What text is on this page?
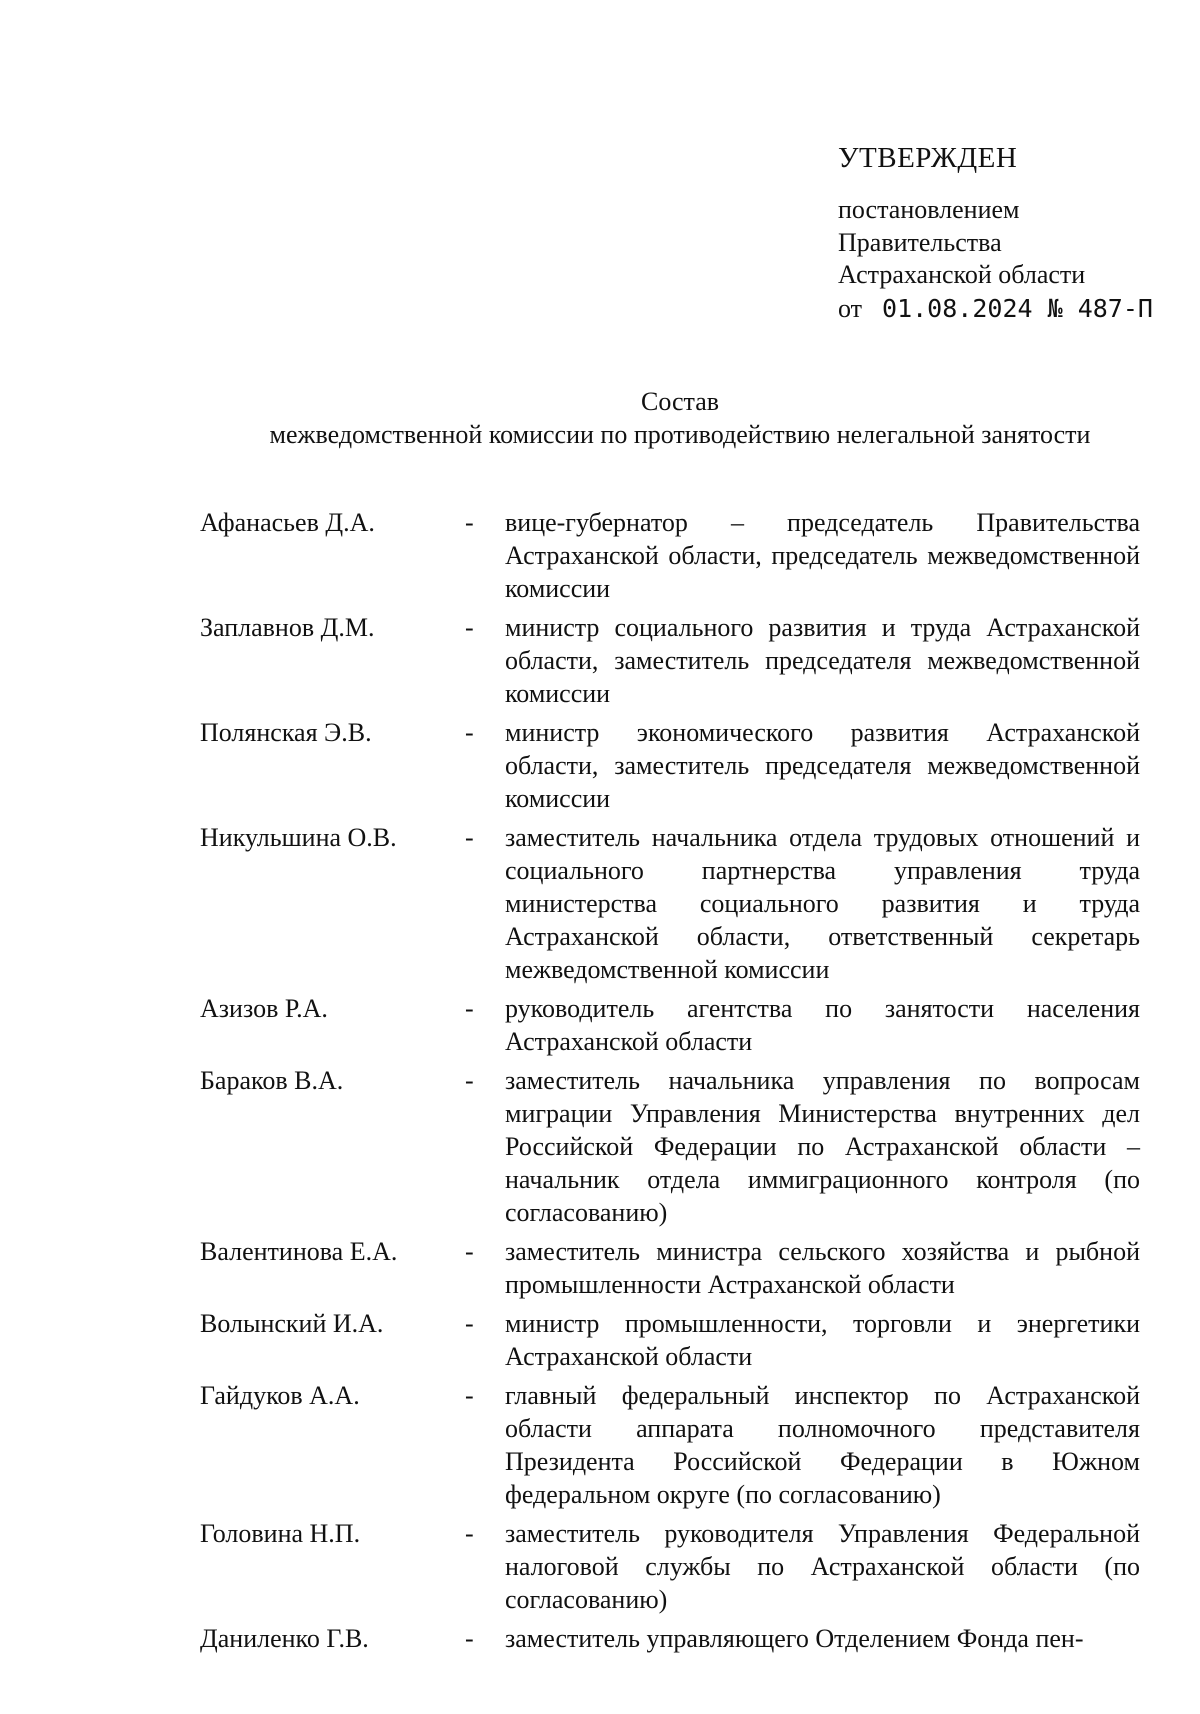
УТВЕРЖДЕН
постановлением
Правительства
Астраханской области
от 01.08.2024 № 487-П
Состав
межведомственной комиссии по противодействию нелегальной занятости
Афанасьев Д.А.	-	вице-губернатор – председатель Правительства Астраханской области, председатель межведомственной комиссии
Заплавнов Д.М.	-	министр социального развития и труда Астраханской области, заместитель председателя межведомственной комиссии
Полянская Э.В.	-	министр экономического развития Астраханской области, заместитель председателя межведомственной комиссии
Никульшина О.В.	-	заместитель начальника отдела трудовых отношений и социального партнерства управления труда министерства социального развития и труда Астраханской области, ответственный секретарь межведомственной комиссии
Азизов Р.А.	-	руководитель агентства по занятости населения Астраханской области
Бараков В.А.	-	заместитель начальника управления по вопросам миграции Управления Министерства внутренних дел Российской Федерации по Астраханской области – начальник отдела иммиграционного контроля (по согласованию)
Валентинова Е.А.	-	заместитель министра сельского хозяйства и рыбной промышленности Астраханской области
Волынский И.А.	-	министр промышленности, торговли и энергетики Астраханской области
Гайдуков А.А.	-	главный федеральный инспектор по Астраханской области аппарата полномочного представителя Президента Российской Федерации в Южном федеральном округе (по согласованию)
Головина Н.П.	-	заместитель руководителя Управления Федеральной налоговой службы по Астраханской области (по согласованию)
Даниленко Г.В.	-	заместитель управляющего Отделением Фонда пен-
